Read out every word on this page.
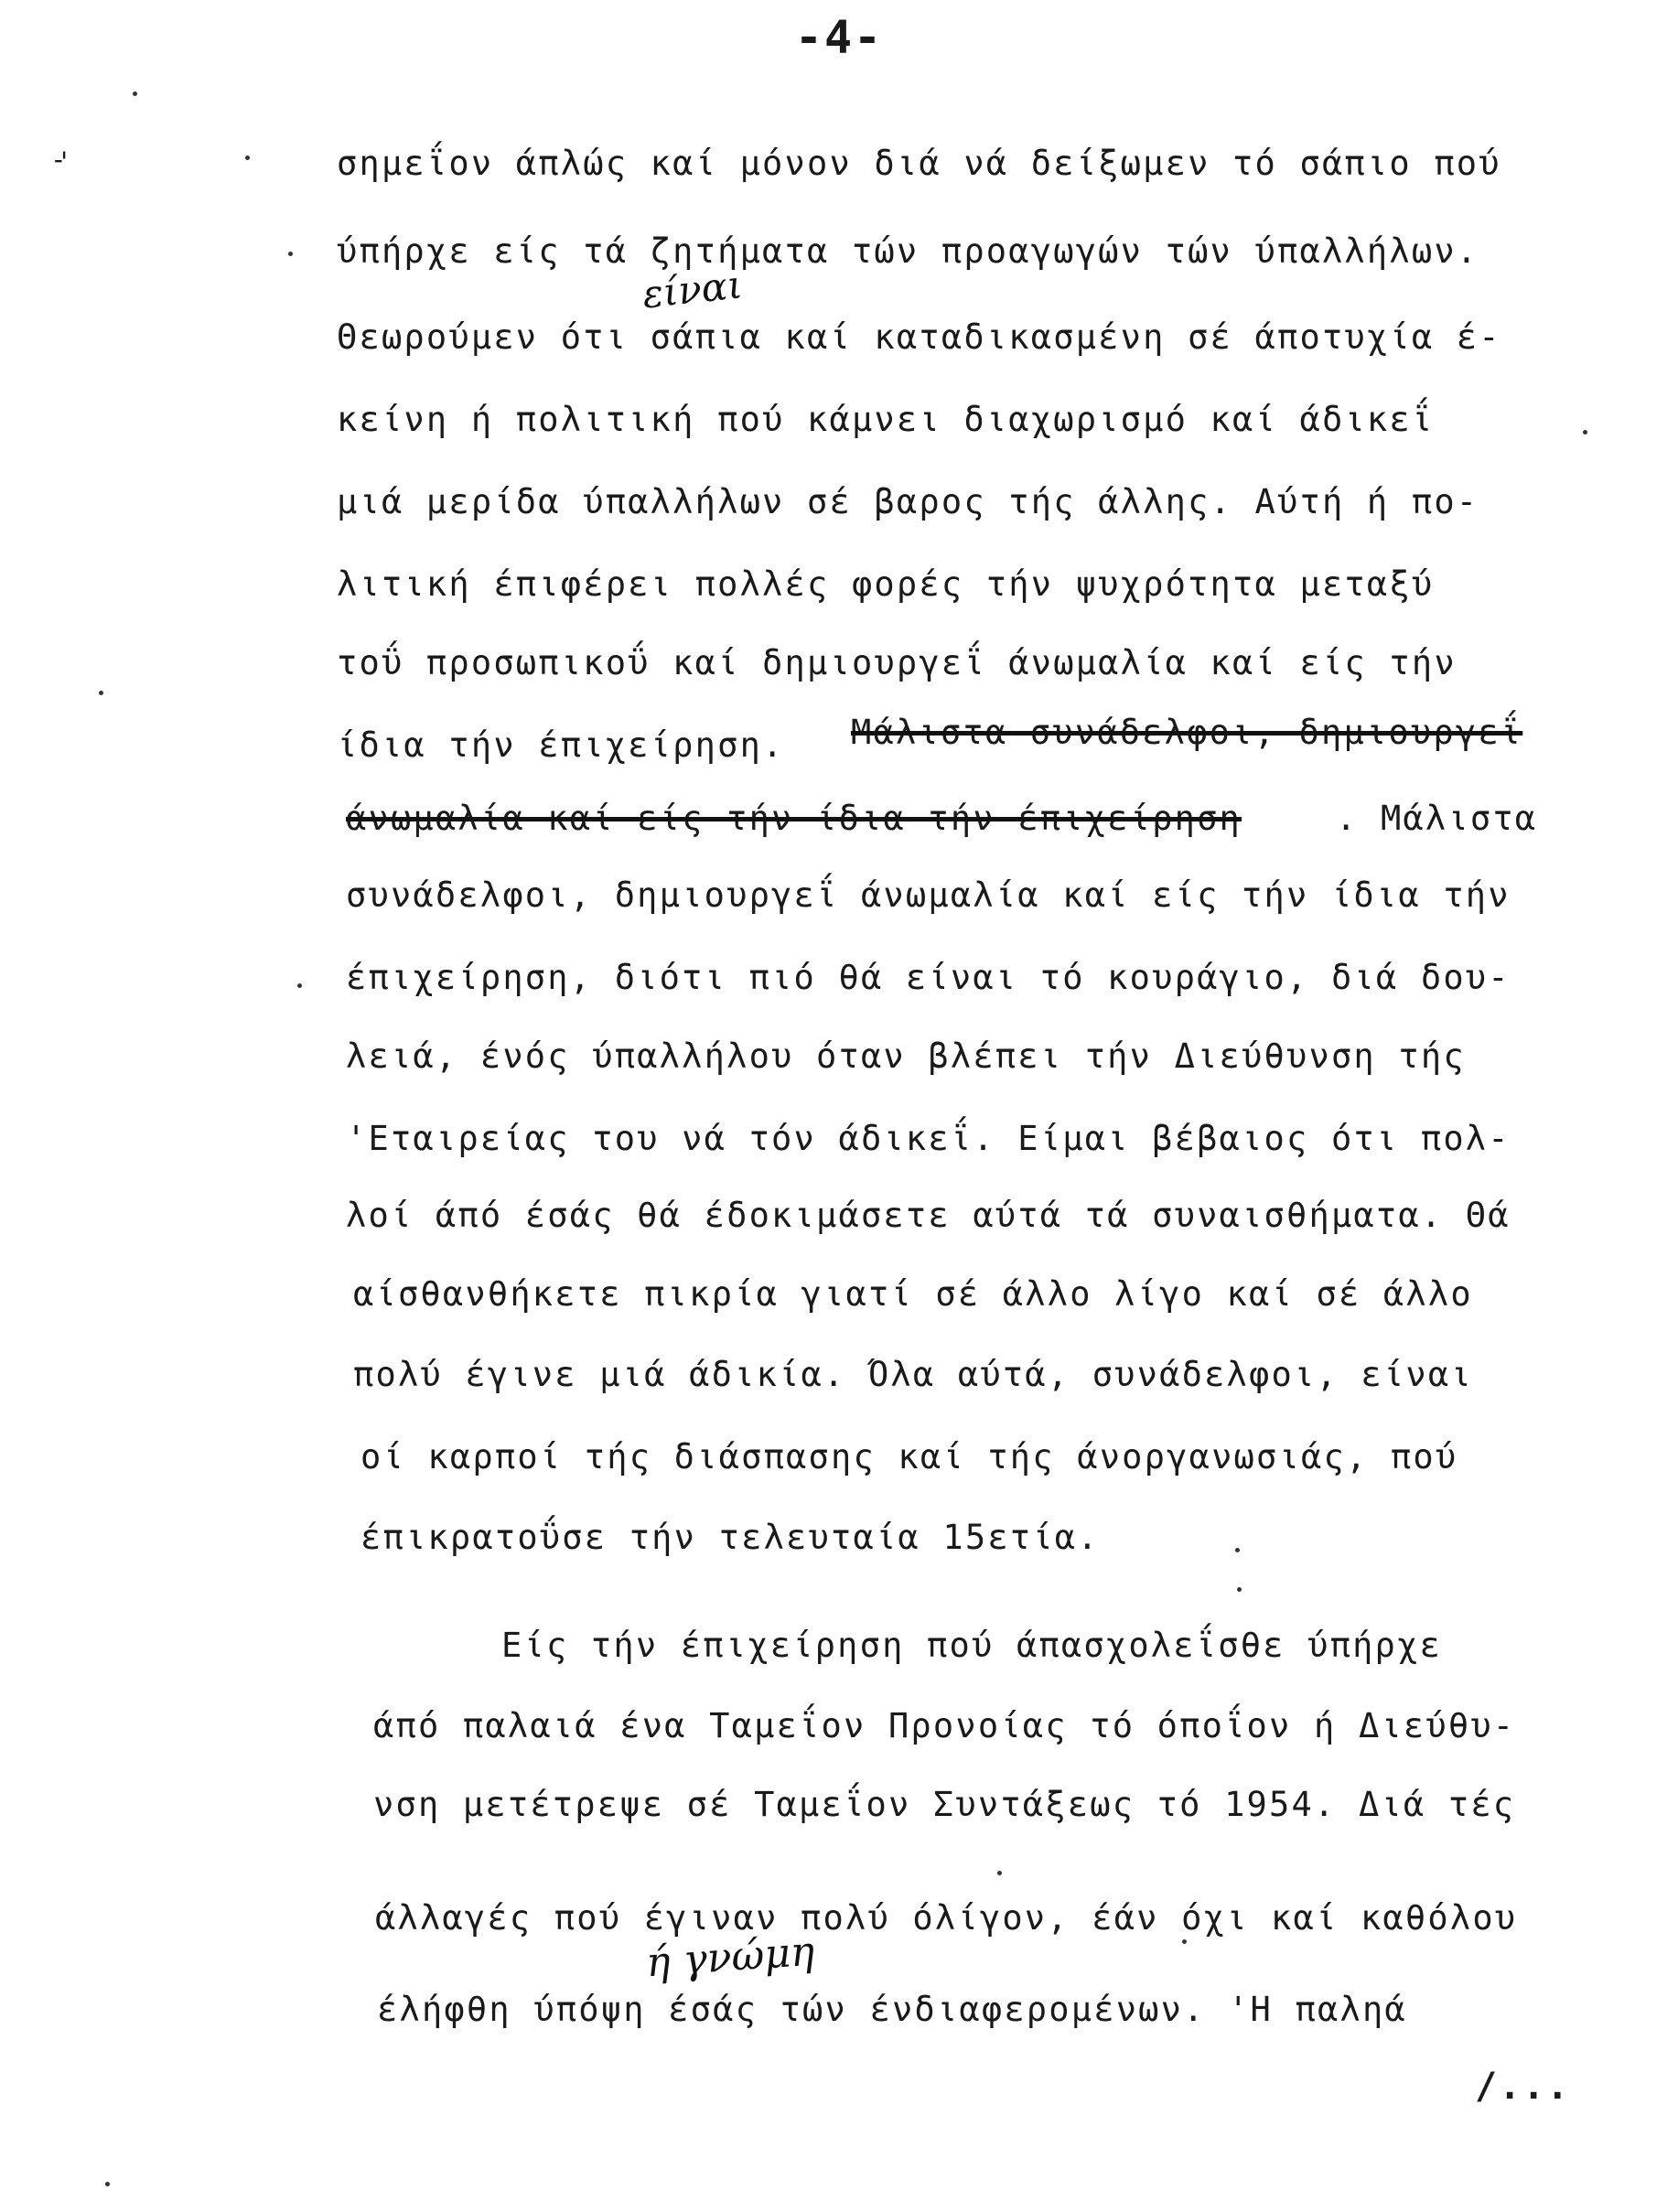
-4-
⌏	σημεΐον άπλώς καί μόνον διά νά δείξωμεν τό σάπιο πού
ύπήρχε είς τά ζητήματα τών προαγωγών τών ύπαλλήλων.
είναι
Θεωρούμεν ότι σάπια καί καταδικασμένη σέ άποτυχία έ-
κείνη ή πολιτική πού κάμνει διαχωρισμό καί άδικεΐ
μιά μερίδα ύπαλλήλων σέ βαρος τής άλλης. Αύτή ή πο-
λιτική έπιφέρει πολλές φορές τήν ψυχρότητα μεταξύ
τοΰ προσωπικοΰ καί δημιουργεΐ άνωμαλία καί είς τήν
ίδια τήν έπιχείρηση. Μάλιστα συνάδελφοι, δημιουργεΐ
άνωμαλία καί είς τήν ίδια τήν έπιχείρηση	. Μάλιστα
συνάδελφοι, δημιουργεΐ άνωμαλία καί είς τήν ίδια τήν
έπιχείρηση, διότι πιό θά είναι τό κουράγιο, διά δου-
λειά, ένός ύπαλλήλου όταν βλέπει τήν Διεύθυνση τής
'Εταιρείας του νά τόν άδικεΐ. Είμαι βέβαιος ότι πολ-
λοί άπό έσάς θά έδοκιμάσετε αύτά τά συναισθήματα. Θά
αίσθανθήκετε πικρία γιατί σέ άλλο λίγο καί σέ άλλο
πολύ έγινε μιά άδικία. Όλα αύτά, συνάδελφοι, είναι
οί καρποί τής διάσπασης καί τής άνοργανωσιάς, πού
έπικρατοΰσε τήν τελευταία 15ετία.
Είς τήν έπιχείρηση πού άπασχολεΐσθε ύπήρχε
άπό παλαιά ένα Ταμεΐον Προνοίας τό όποΐον ή Διεύθυ-
νση μετέτρεψε σέ Ταμεΐον Συντάξεως τό 1954. Διά τές
άλλαγές πού έγιναν πολύ όλίγον, έάν όχι καί καθόλου
ή γνώμη
έλήφθη ύπόψη έσάς τών ένδιαφερομένων. 'Η παληά
/...
